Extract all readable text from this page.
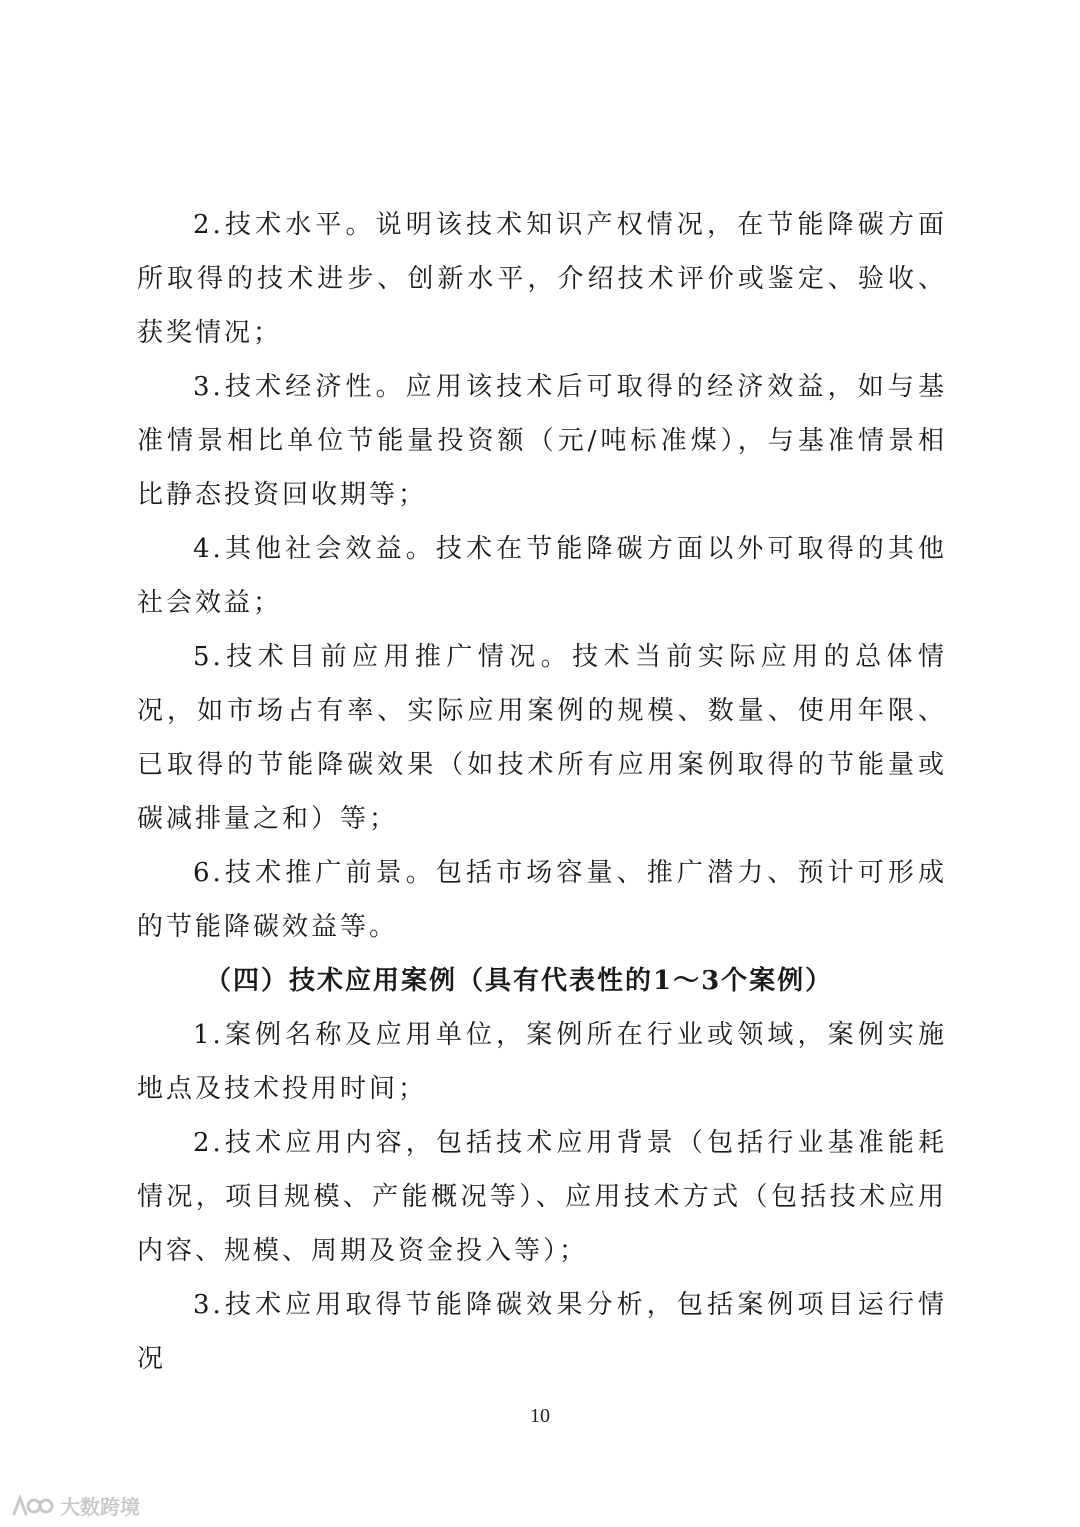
2.技术水平。说明该技术知识产权情况，在节能降碳方面所取得的技术进步、创新水平，介绍技术评价或鉴定、验收、获奖情况；

3.技术经济性。应用该技术后可取得的经济效益，如与基准情景相比单位节能量投资额（元/吨标准煤），与基准情景相比静态投资回收期等；

4.其他社会效益。技术在节能降碳方面以外可取得的其他社会效益；

5.技术目前应用推广情况。技术当前实际应用的总体情况，如市场占有率、实际应用案例的规模、数量、使用年限、已取得的节能降碳效果（如技术所有应用案例取得的节能量或碳减排量之和）等；

6.技术推广前景。包括市场容量、推广潜力、预计可形成的节能降碳效益等。

（四）技术应用案例（具有代表性的1～3个案例）

1.案例名称及应用单位，案例所在行业或领域，案例实施地点及技术投用时间；

2.技术应用内容，包括技术应用背景（包括行业基准能耗情况，项目规模、产能概况等）、应用技术方式（包括技术应用内容、规模、周期及资金投入等）；

3.技术应用取得节能降碳效果分析，包括案例项目运行情况

10
大数跨境
